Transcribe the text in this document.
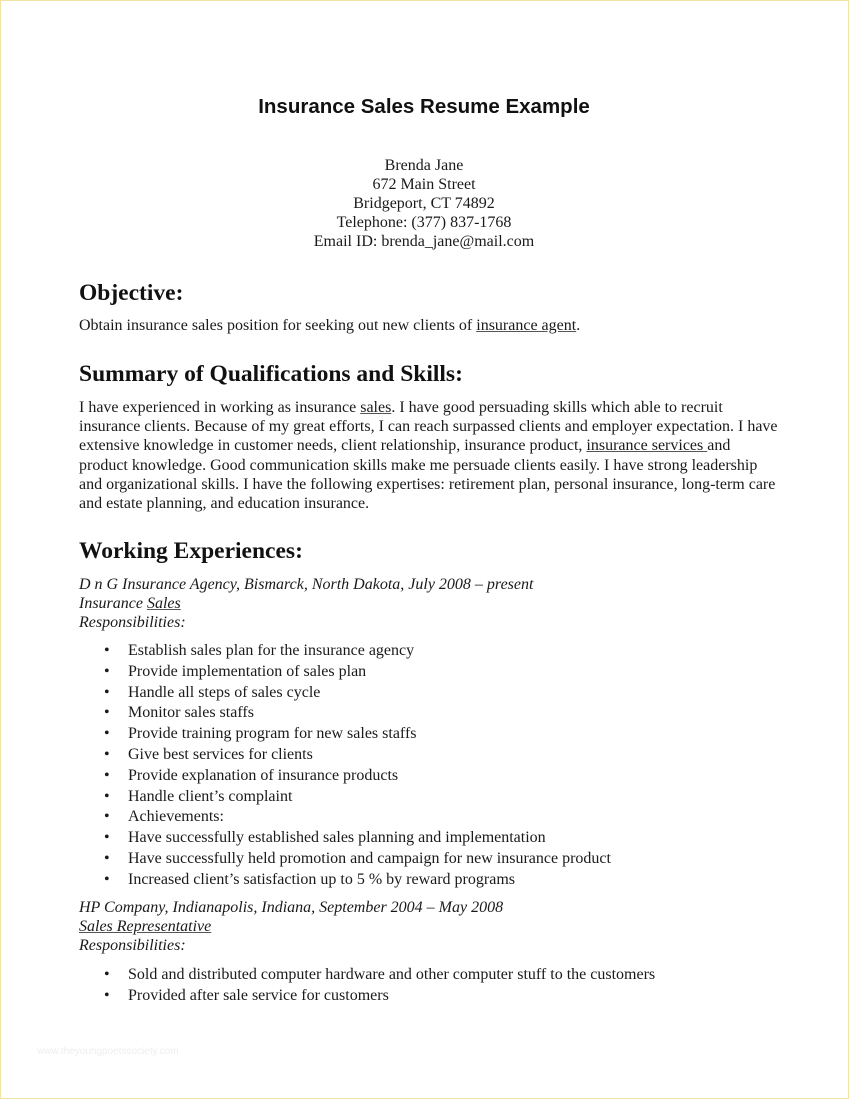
Insurance Sales Resume Example
Brenda Jane
672 Main Street
Bridgeport, CT 74892
Telephone: (377) 837-1768
Email ID: brenda_jane@mail.com
Objective:
Obtain insurance sales position for seeking out new clients of insurance agent.
Summary of Qualifications and Skills:
I have experienced in working as insurance sales. I have good persuading skills which able to recruit insurance clients. Because of my great efforts, I can reach surpassed clients and employer expectation. I have extensive knowledge in customer needs, client relationship, insurance product, insurance services and product knowledge. Good communication skills make me persuade clients easily. I have strong leadership and organizational skills. I have the following expertises: retirement plan, personal insurance, long-term care and estate planning, and education insurance.
Working Experiences:
D n G Insurance Agency, Bismarck, North Dakota, July 2008 – present
Insurance Sales
Responsibilities:
• Establish sales plan for the insurance agency
• Provide implementation of sales plan
• Handle all steps of sales cycle
• Monitor sales staffs
• Provide training program for new sales staffs
• Give best services for clients
• Provide explanation of insurance products
• Handle client’s complaint
• Achievements:
• Have successfully established sales planning and implementation
• Have successfully held promotion and campaign for new insurance product
• Increased client’s satisfaction up to 5 % by reward programs
HP Company, Indianapolis, Indiana, September 2004 – May 2008
Sales Representative
Responsibilities:
• Sold and distributed computer hardware and other computer stuff to the customers
• Provided after sale service for customers
www.theyoungpoetssociety.com
